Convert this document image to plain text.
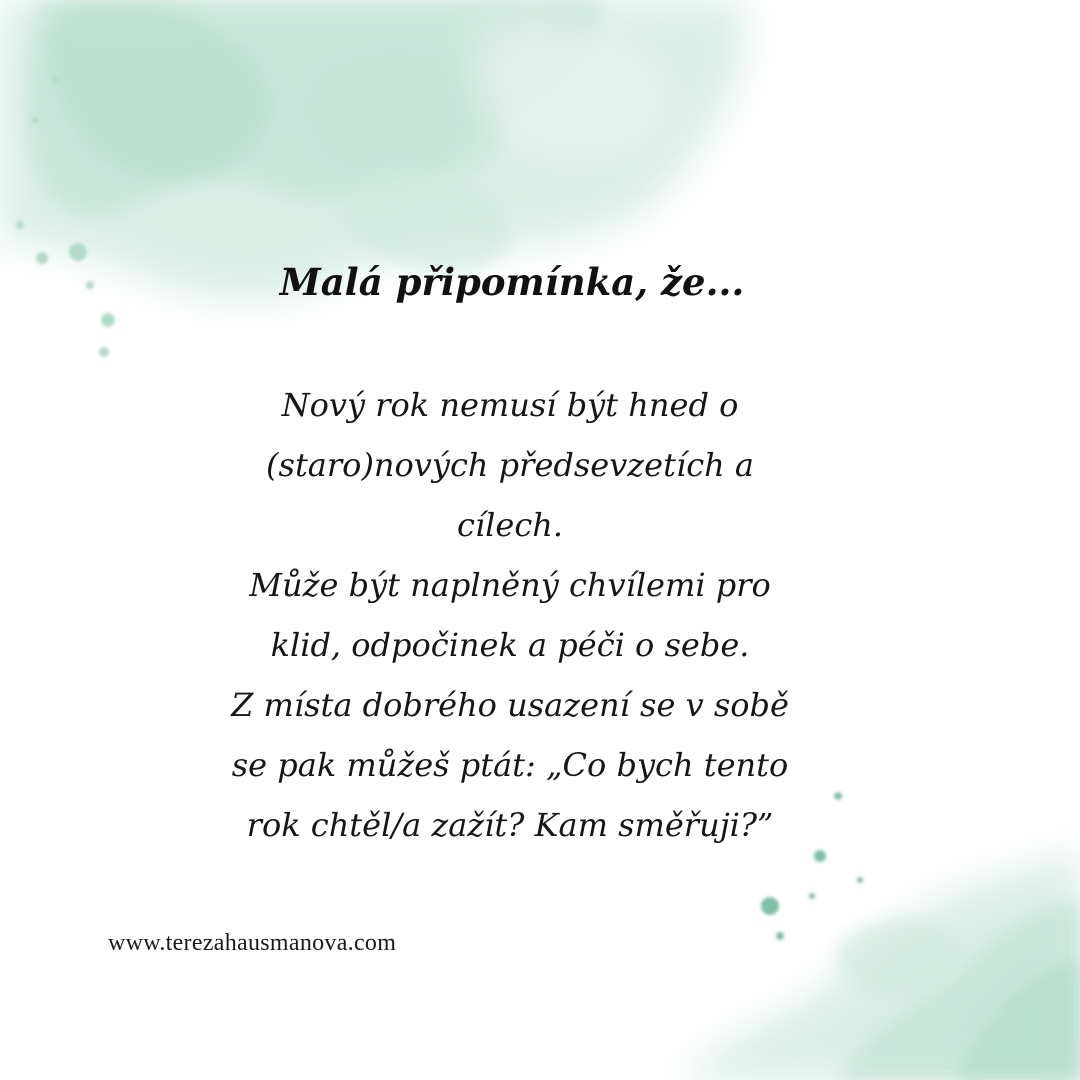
Malá připomínka, že...
Nový rok nemusí být hned o
(staro)nových předsevzetích a
cílech.
Může být naplněný chvílemi pro
klid, odpočinek a péči o sebe.
Z místa dobrého usazení se v sobě
se pak můžeš ptát: „Co bych tento
rok chtěl/a zažít? Kam směřuji?”
www.terezahausmanova.com
